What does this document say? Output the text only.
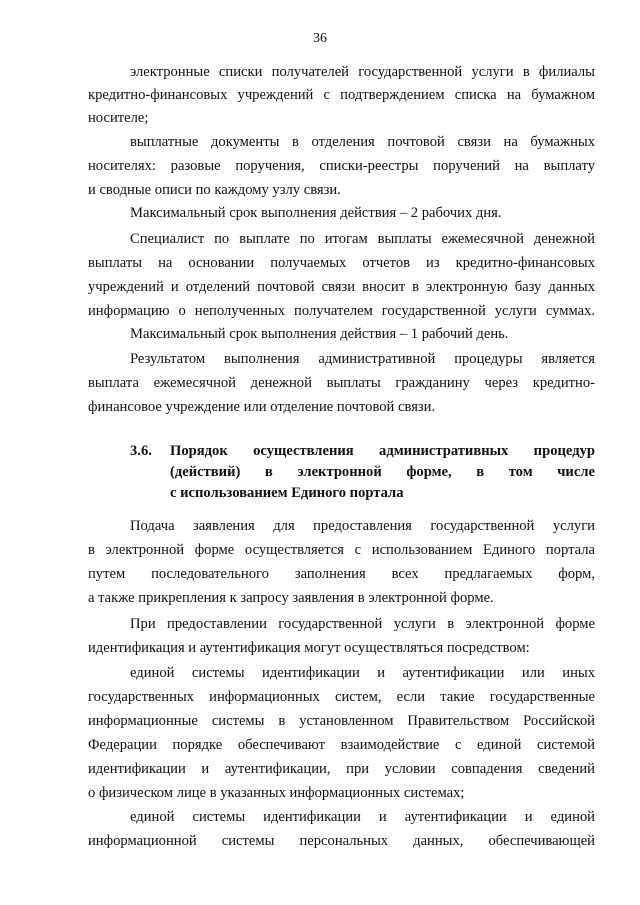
36
электронные списки получателей государственной услуги в филиалы
кредитно-финансовых учреждений с подтверждением списка на бумажном
носителе;
выплатные документы в отделения почтовой связи на бумажных
носителях: разовые поручения, списки-реестры поручений на выплату
и сводные описи по каждому узлу связи.
Максимальный срок выполнения действия – 2 рабочих дня.
Специалист по выплате по итогам выплаты ежемесячной денежной
выплаты на основании получаемых отчетов из кредитно-финансовых
учреждений и отделений почтовой связи вносит в электронную базу данных
информацию о неполученных получателем государственной услуги суммах.
Максимальный срок выполнения действия – 1 рабочий день.
Результатом выполнения административной процедуры является
выплата ежемесячной денежной выплаты гражданину через кредитно-
финансовое учреждение или отделение почтовой связи.
3.6. Порядок осуществления административных процедур
(действий) в электронной форме, в том числе
с использованием Единого портала
Подача заявления для предоставления государственной услуги
в электронной форме осуществляется с использованием Единого портала
путем последовательного заполнения всех предлагаемых форм,
а также прикрепления к запросу заявления в электронной форме.
При предоставлении государственной услуги в электронной форме
идентификация и аутентификация могут осуществляться посредством:
единой системы идентификации и аутентификации или иных
государственных информационных систем, если такие государственные
информационные системы в установленном Правительством Российской
Федерации порядке обеспечивают взаимодействие с единой системой
идентификации и аутентификации, при условии совпадения сведений
о физическом лице в указанных информационных системах;
единой системы идентификации и аутентификации и единой
информационной системы персональных данных, обеспечивающей
